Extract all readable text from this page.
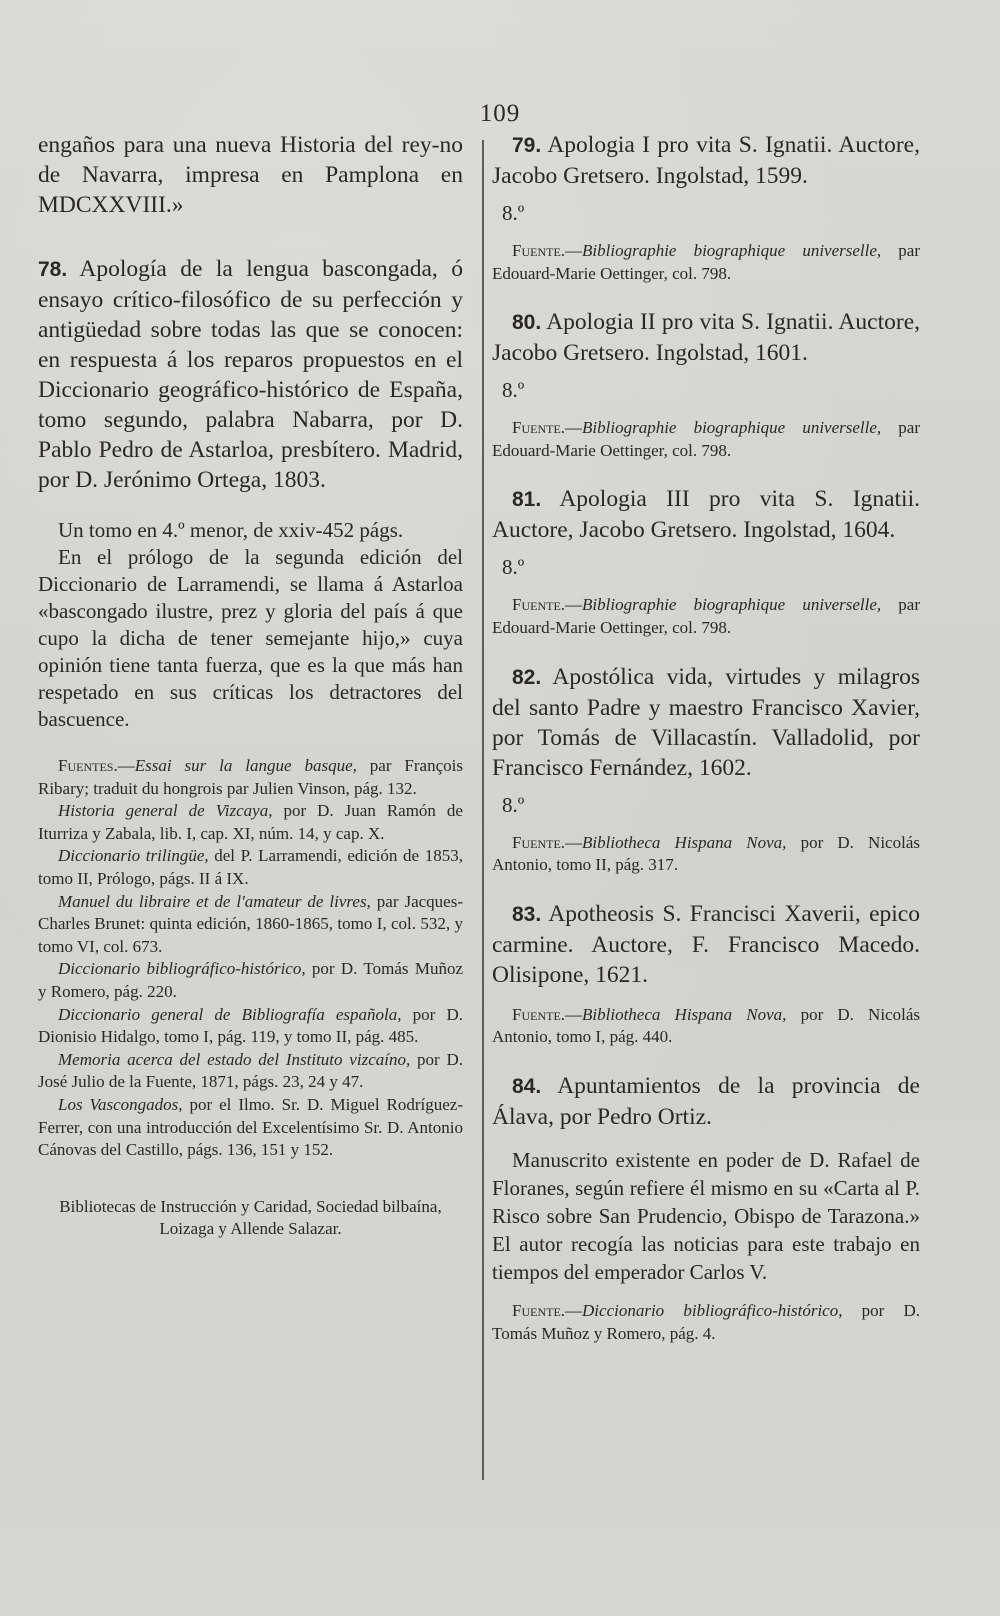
109

engaños para una nueva Historia del rey-no de Navarra, impresa en Pamplona en MDCXXVIII.»

78. Apología de la lengua bascongada, ó ensayo crítico-filosófico de su perfección y antigüedad sobre todas las que se conocen: en respuesta á los reparos propuestos en el Diccionario geográfico-histórico de España, tomo segundo, palabra Nabarra, por D. Pablo Pedro de Astarloa, presbítero. Madrid, por D. Jerónimo Ortega, 1803.

Un tomo en 4.º menor, de xxiv-452 págs.

En el prólogo de la segunda edición del Diccionario de Larramendi, se llama á Astarloa «bascongado ilustre, prez y gloria del país á que cupo la dicha de tener semejante hijo,» cuya opinión tiene tanta fuerza, que es la que más han respetado en sus críticas los detractores del bascuence.

Fuentes.—Essai sur la langue basque, par François Ribary; traduit du hongrois par Julien Vinson, pág. 132.

Historia general de Vizcaya, por D. Juan Ramón de Iturriza y Zabala, lib. I, cap. XI, núm. 14, y cap. X.

Diccionario trilingüe, del P. Larramendi, edición de 1853, tomo II, Prólogo, págs. II á IX.

Manuel du libraire et de l'amateur de livres, par Jacques-Charles Brunet: quinta edición, 1860-1865, tomo I, col. 532, y tomo VI, col. 673.

Diccionario bibliográfico-histórico, por D. Tomás Muñoz y Romero, pág. 220.

Diccionario general de Bibliografía española, por D. Dionisio Hidalgo, tomo I, pág. 119, y tomo II, pág. 485.

Memoria acerca del estado del Instituto vizcaíno, por D. José Julio de la Fuente, 1871, págs. 23, 24 y 47.

Los Vascongados, por el Ilmo. Sr. D. Miguel Rodríguez-Ferrer, con una introducción del Excelentísimo Sr. D. Antonio Cánovas del Castillo, págs. 136, 151 y 152.

Bibliotecas de Instrucción y Caridad, Sociedad bilbaína, Loizaga y Allende Salazar.

79. Apologia I pro vita S. Ignatii. Auctore, Jacobo Gretsero. Ingolstad, 1599.

8.º

Fuente.—Bibliographie biographique universelle, par Edouard-Marie Oettinger, col. 798.

80. Apologia II pro vita S. Ignatii. Auctore, Jacobo Gretsero. Ingolstad, 1601.

8.º

Fuente.—Bibliographie biographique universelle, par Edouard-Marie Oettinger, col. 798.

81. Apologia III pro vita S. Ignatii. Auctore, Jacobo Gretsero. Ingolstad, 1604.

8.º

Fuente.—Bibliographie biographique universelle, par Edouard-Marie Oettinger, col. 798.

82. Apostólica vida, virtudes y milagros del santo Padre y maestro Francisco Xavier, por Tomás de Villacastín. Valladolid, por Francisco Fernández, 1602.

8.º

Fuente.—Bibliotheca Hispana Nova, por D. Nicolás Antonio, tomo II, pág. 317.

83. Apotheosis S. Francisci Xaverii, epico carmine. Auctore, F. Francisco Macedo. Olisipone, 1621.

Fuente.—Bibliotheca Hispana Nova, por D. Nicolás Antonio, tomo I, pág. 440.

84. Apuntamientos de la provincia de Álava, por Pedro Ortiz.

Manuscrito existente en poder de D. Rafael de Floranes, según refiere él mismo en su «Carta al P. Risco sobre San Prudencio, Obispo de Tarazona.» El autor recogía las noticias para este trabajo en tiempos del emperador Carlos V.

Fuente.—Diccionario bibliográfico-histórico, por D. Tomás Muñoz y Romero, pág. 4.
